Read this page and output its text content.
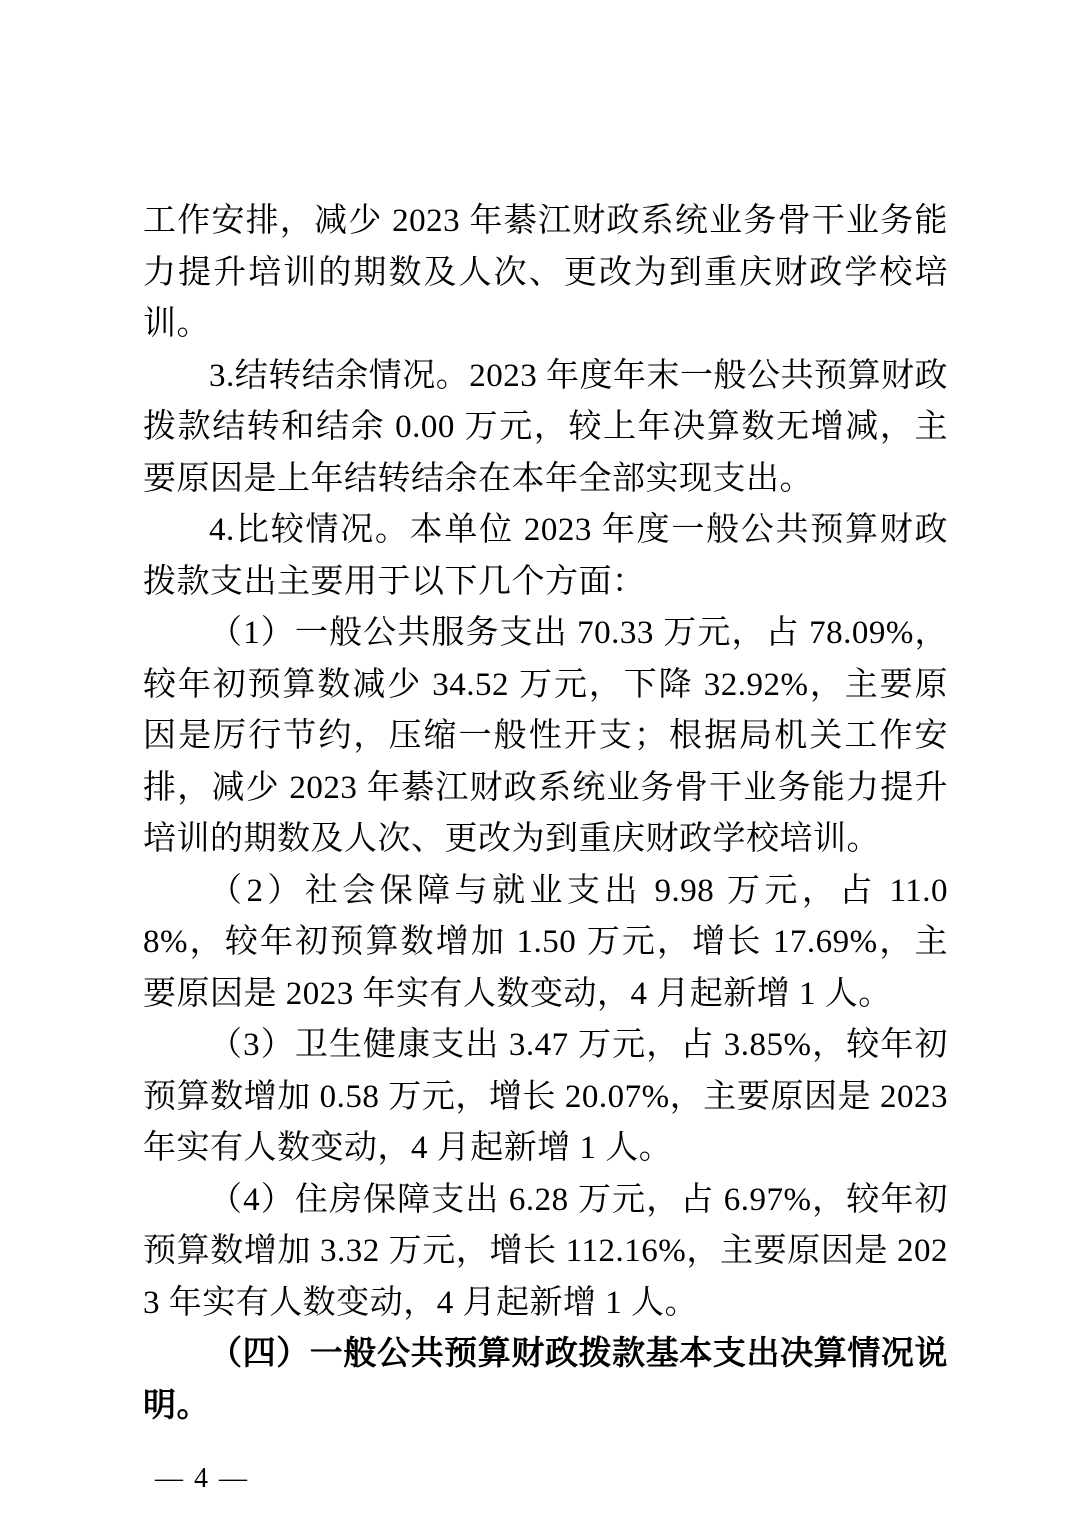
工作安排，减少 2023 年綦江财政系统业务骨干业务能力提升培训的期数及人次、更改为到重庆财政学校培训。

3.结转结余情况。2023 年度年末一般公共预算财政拨款结转和结余 0.00 万元，较上年决算数无增减，主要原因是上年结转结余在本年全部实现支出。

4.比较情况。本单位 2023 年度一般公共预算财政拨款支出主要用于以下几个方面：

（1）一般公共服务支出 70.33 万元，占 78.09%，较年初预算数减少 34.52 万元，下降 32.92%，主要原因是厉行节约，压缩一般性开支；根据局机关工作安排，减少 2023 年綦江财政系统业务骨干业务能力提升培训的期数及人次、更改为到重庆财政学校培训。

（2）社会保障与就业支出 9.98 万元，占 11.08%，较年初预算数增加 1.50 万元，增长 17.69%，主要原因是 2023 年实有人数变动，4 月起新增 1 人。

（3）卫生健康支出 3.47 万元，占 3.85%，较年初预算数增加 0.58 万元，增长 20.07%，主要原因是 2023 年实有人数变动，4 月起新增 1 人。

（4）住房保障支出 6.28 万元，占 6.97%，较年初预算数增加 3.32 万元，增长 112.16%，主要原因是 2023 年实有人数变动，4 月起新增 1 人。

（四）一般公共预算财政拨款基本支出决算情况说明。

— 4 —
